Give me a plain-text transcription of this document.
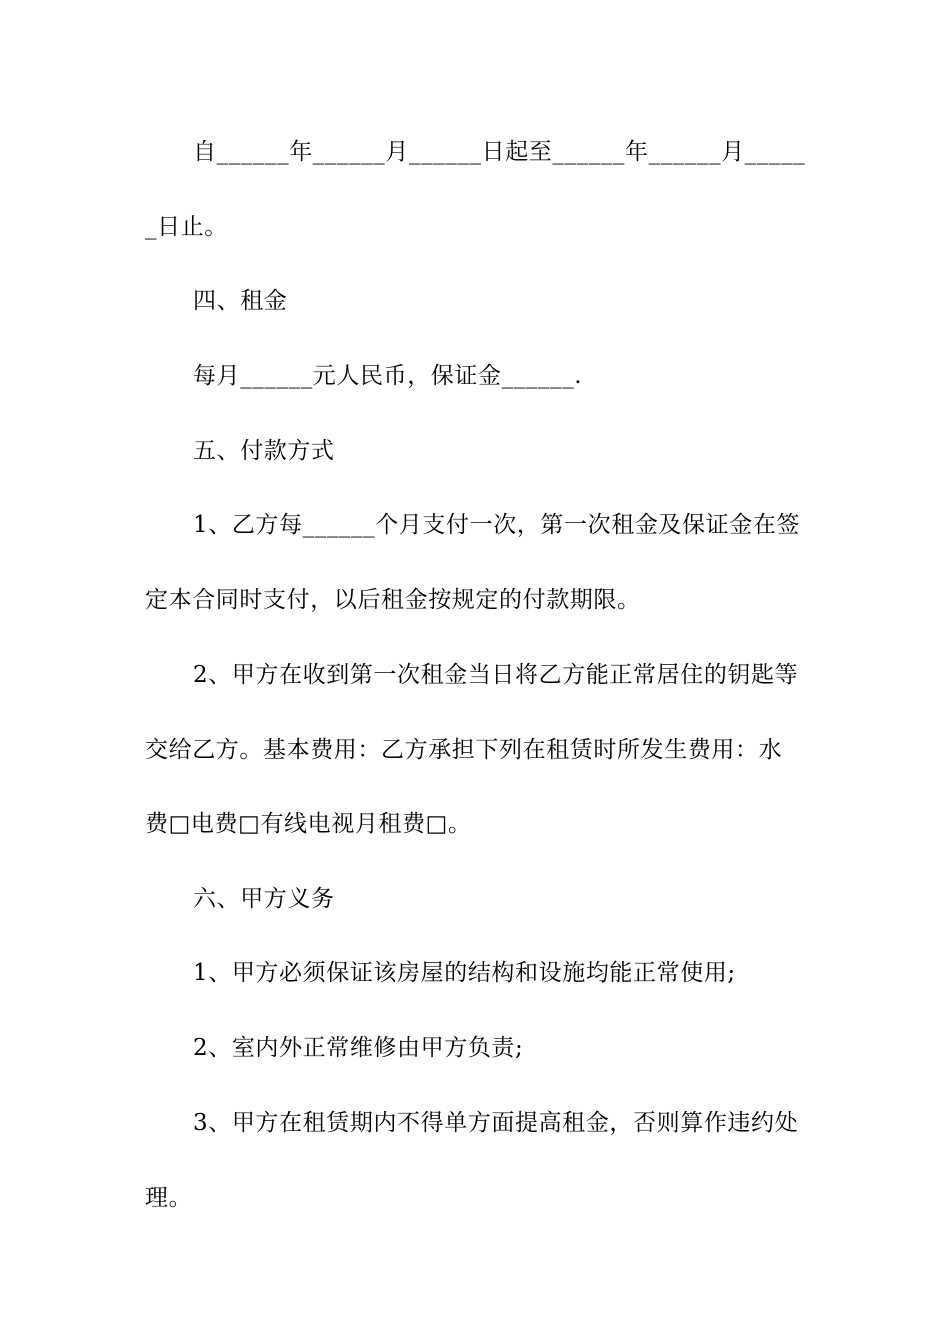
自______年______月______日起至______年______月_____
_日止。
四、租金
每月______元人民币，保证金______.
五、付款方式
1、乙方每______个月支付一次，第一次租金及保证金在签
定本合同时支付，以后租金按规定的付款期限。
2、甲方在收到第一次租金当日将乙方能正常居住的钥匙等
交给乙方。基本费用：乙方承担下列在租赁时所发生费用：水
费□电费□有线电视月租费□。
六、甲方义务
1、甲方必须保证该房屋的结构和设施均能正常使用;
2、室内外正常维修由甲方负责;
3、甲方在租赁期内不得单方面提高租金，否则算作违约处
理。
